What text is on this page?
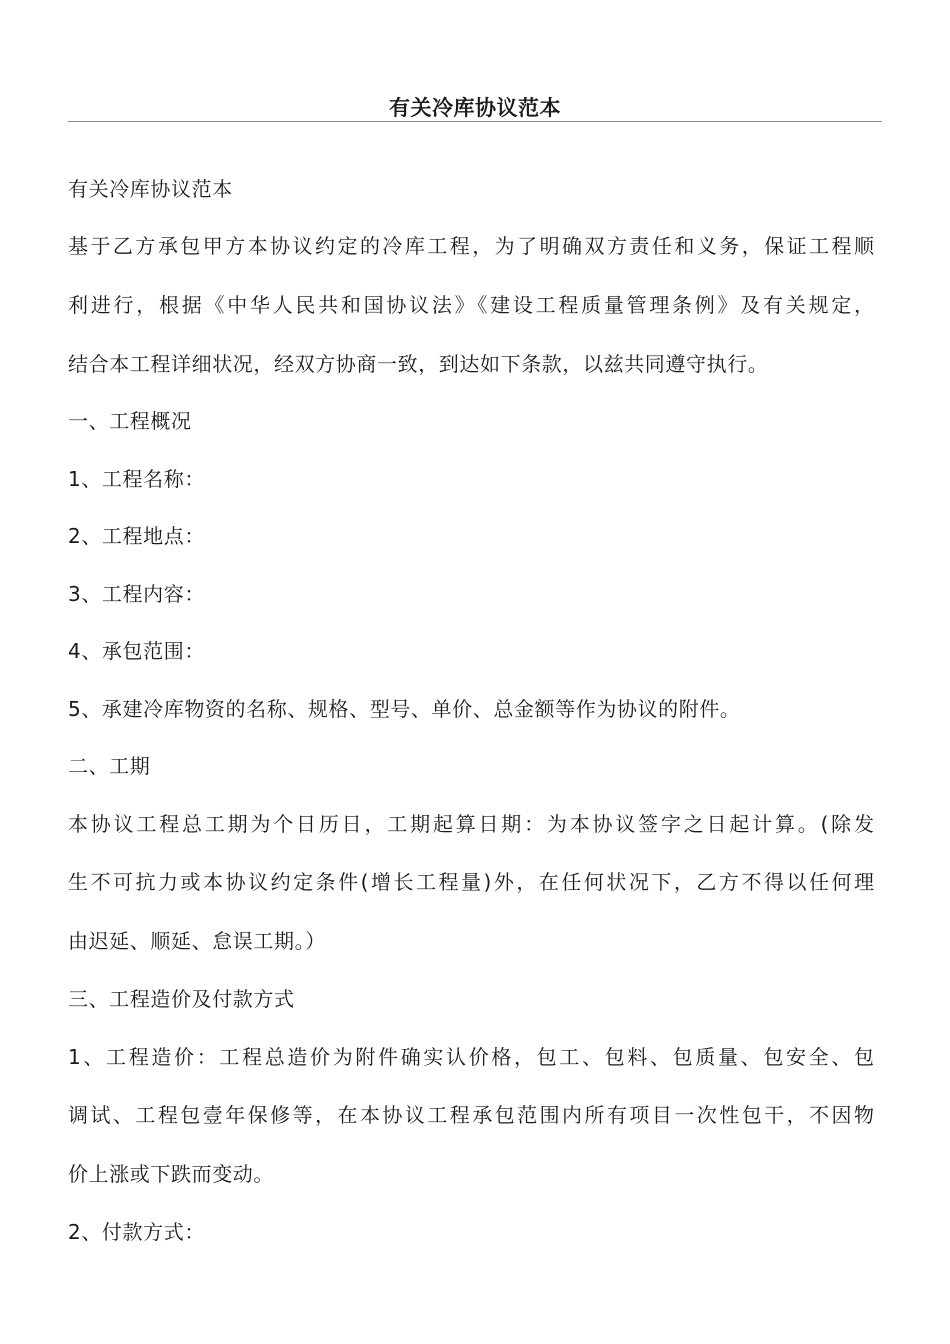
有关冷库协议范本
有关冷库协议范本
基于乙方承包甲方本协议约定的冷库工程，为了明确双方责任和义务，保证工程顺
利进行，根据《中华人民共和国协议法》《建设工程质量管理条例》及有关规定，
结合本工程详细状况，经双方协商一致，到达如下条款，以兹共同遵守执行。
一、工程概况
1、工程名称：
2、工程地点：
3、工程内容：
4、承包范围：
5、承建冷库物资的名称、规格、型号、单价、总金额等作为协议的附件。
二、工期
本协议工程总工期为个日历日，工期起算日期：为本协议签字之日起计算。(除发
生不可抗力或本协议约定条件(增长工程量)外，在任何状况下，乙方不得以任何理
由迟延、顺延、怠误工期。）
三、工程造价及付款方式
1、工程造价：工程总造价为附件确实认价格，包工、包料、包质量、包安全、包
调试、工程包壹年保修等，在本协议工程承包范围内所有项目一次性包干，不因物
价上涨或下跌而变动。
2、付款方式：
